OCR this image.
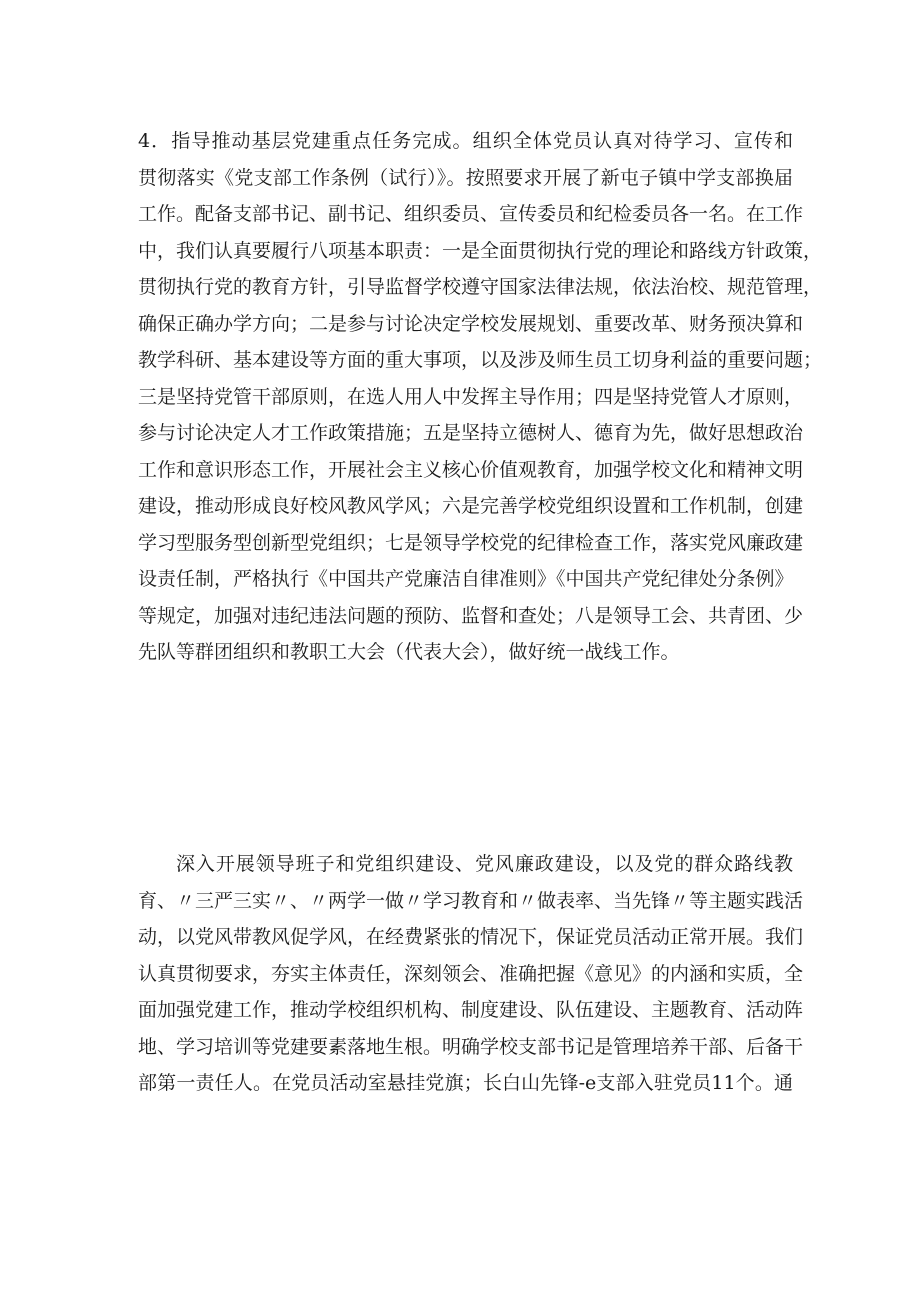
4．指导推动基层党建重点任务完成。组织全体党员认真对待学习、宣传和
贯彻落实《党支部工作条例（试行）》。按照要求开展了新屯子镇中学支部换届
工作。配备支部书记、副书记、组织委员、宣传委员和纪检委员各一名。在工作
中，我们认真要履行八项基本职责：一是全面贯彻执行党的理论和路线方针政策，
贯彻执行党的教育方针，引导监督学校遵守国家法律法规，依法治校、规范管理，
确保正确办学方向；二是参与讨论决定学校发展规划、重要改革、财务预决算和
教学科研、基本建设等方面的重大事项，以及涉及师生员工切身利益的重要问题；
三是坚持党管干部原则，在选人用人中发挥主导作用；四是坚持党管人才原则，
参与讨论决定人才工作政策措施；五是坚持立德树人、德育为先，做好思想政治
工作和意识形态工作，开展社会主义核心价值观教育，加强学校文化和精神文明
建设，推动形成良好校风教风学风；六是完善学校党组织设置和工作机制，创建
学习型服务型创新型党组织；七是领导学校党的纪律检查工作，落实党风廉政建
设责任制，严格执行《中国共产党廉洁自律准则》《中国共产党纪律处分条例》
等规定，加强对违纪违法问题的预防、监督和查处；八是领导工会、共青团、少
先队等群团组织和教职工大会（代表大会），做好统一战线工作。
深入开展领导班子和党组织建设、党风廉政建设，以及党的群众路线教
育、〃三严三实〃、〃两学一做〃学习教育和〃做表率、当先锋〃等主题实践活
动，以党风带教风促学风，在经费紧张的情况下，保证党员活动正常开展。我们
认真贯彻要求，夯实主体责任，深刻领会、准确把握《意见》的内涵和实质，全
面加强党建工作，推动学校组织机构、制度建设、队伍建设、主题教育、活动阵
地、学习培训等党建要素落地生根。明确学校支部书记是管理培养干部、后备干
部第一责任人。在党员活动室悬挂党旗；长白山先锋-e支部入驻党员11个。通
